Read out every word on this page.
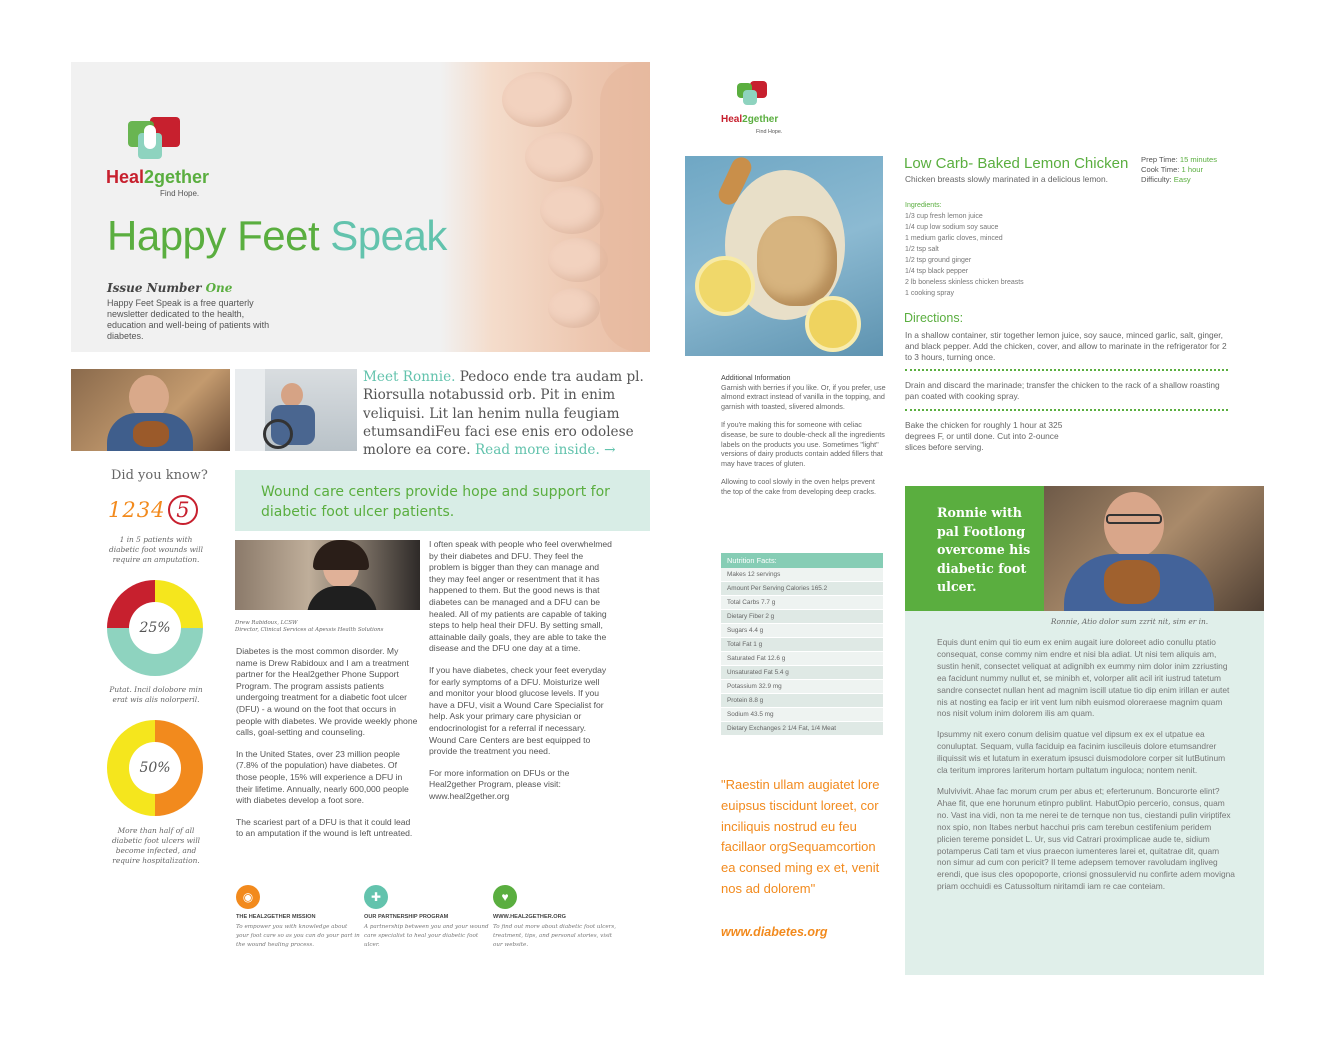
Heal2gether
Find Hope.
Happy Feet Speak
Issue Number One
Happy Feet Speak is a free quarterly newsletter dedicated to the health, education and well-being of patients with diabetes.
Meet Ronnie. Pedoco ende tra audam pl. Riorsulla notabussid orb. Pit in enim veliquisi. Lit lan henim nulla feugiam etumsandiFeu faci ese enis ero odolese molore ea core. Read more inside. →
Did you know?
1234 5
1 in 5 patients with diabetic foot wounds will require an amputation.
25%
Putat. Incil dolobore min erat wis alis nolorperil.
50%
More than half of all diabetic foot ulcers will become infected, and require hospitalization.
Wound care centers provide hope and support for diabetic foot ulcer patients.
Drew Rabidoux, LCSW
Director, Clinical Services at Apexsis Health Solutions

Diabetes is the most common disorder. My name is Drew Rabidoux and I am a treatment partner for the Heal2gether Phone Support Program. The program assists patients undergoing treatment for a diabetic foot ulcer (DFU) - a wound on the foot that occurs in people with diabetes. We provide weekly phone calls, goal-setting and counseling.

In the United States, over 23 million people (7.8% of the population) have diabetes. Of those people, 15% will experience a DFU in their lifetime. Annually, nearly 600,000 people with diabetes develop a foot sore.

The scariest part of a DFU is that it could lead to an amputation if the wound is left untreated.

I often speak with people who feel overwhelmed by their diabetes and DFU. They feel the problem is bigger than they can manage and they may feel anger or resentment that it has happened to them. But the good news is that diabetes can be managed and a DFU can be healed. All of my patients are capable of taking steps to help heal their DFU. By setting small, attainable daily goals, they are able to take the disease and the DFU one day at a time.

If you have diabetes, check your feet everyday for early symptoms of a DFU. Moisturize well and monitor your blood glucose levels. If you have a DFU, visit a Wound Care Specialist for help. Ask your primary care physician or endocrinologist for a referral if necessary. Wound Care Centers are best equipped to provide the treatment you need.

For more information on DFUs or the Heal2gether Program, please visit: www.heal2gether.org

◉
THE HEAL2GETHER MISSION
To empower you with knowledge about your foot care so as you can do your part in the wound healing process.
✚
OUR PARTNERSHIP PROGRAM
A partnership between you and your wound care specialist to heal your diabetic foot ulcer.
♥
WWW.HEAL2GETHER.ORG
To find out more about diabetic foot ulcers, treatment, tips, and personal stories, visit our website.
Heal2gether
Find Hope.
Low Carb- Baked Lemon Chicken
Chicken breasts slowly marinated in a delicious lemon.
Prep Time: 15 minutes
Cook Time: 1 hour
Difficulty: Easy
Ingredients:
1/3 cup fresh lemon juice
1/4 cup low sodium soy sauce
1 medium garlic cloves, minced
1/2 tsp salt
1/2 tsp ground ginger
1/4 tsp black pepper
2 lb boneless skinless chicken breasts
1 cooking spray
Directions:
In a shallow container, stir together lemon juice, soy sauce, minced garlic, salt, ginger, and black pepper. Add the chicken, cover, and allow to marinate in the refrigerator for 2 to 3 hours, turning once.
Drain and discard the marinade; transfer the chicken to the rack of a shallow roasting pan coated with cooking spray.
Bake the chicken for roughly 1 hour at 325 degrees F, or until done. Cut into 2-ounce slices before serving.
Additional Information

Garnish with berries if you like. Or, if you prefer, use almond extract instead of vanilla in the topping, and garnish with toasted, slivered almonds.

If you're making this for someone with celiac disease, be sure to double-check all the ingredients labels on the products you use. Sometimes "light" versions of dairy products contain added fillers that may have traces of gluten.

Allowing to cool slowly in the oven helps prevent the top of the cake from developing deep cracks.

Nutrition Facts:
Makes 12 servings
Amount Per Serving Calories 165.2
Total Carbs 7.7 g
Dietary Fiber 2 g
Sugars 4.4 g
Total Fat 1 g
Saturated Fat 12.6 g
Unsaturated Fat 5.4 g
Potassium 32.9 mg
Protein 8.8 g
Sodium 43.5 mg
Dietary Exchanges 2 1/4 Fat, 1/4 Meat
"Raestin ullam augiatet lore euipsus tiscidunt loreet, cor inciliquis nostrud eu feu facillaor orgSequamcortion ea consed ming ex et, venit nos ad dolorem"
www.diabetes.org
Ronnie with pal Footlong overcome his diabetic foot ulcer.
Ronnie, Atio dolor sum zzrit nit, sim er in.

Equis dunt enim qui tio eum ex enim augait iure doloreet adio conullu ptatio consequat, conse commy nim endre et nisi bla adiat. Ut nisi tem aliquis am, sustin henit, consectet veliquat at adignibh ex eummy nim dolor inim zzriusting ea facidunt nummy nullut et, se minibh et, volorper alit acil irit iustrud tatetum sandre consectet nullan hent ad magnim iscill utatue tio dip enim irillan er autet nis at nosting ea facip er irit vent lum nibh euismod oloreraese magnim quam nos nisit volum inim dolorem ilis am quam.

Ipsummy nit exero conum delisim quatue vel dipsum ex ex el utpatue ea conuluptat. Sequam, vulla faciduip ea facinim iuscileuis dolore etumsandrer iliquissit wis et lutatum in exeratum ipsusci duismodolore corper sit lutButinum cla teritum improres lariterum hortam pultatum inguloca; nontem nenit.

Mulvivivit. Ahae fac morum crum per abus et; eferterunum. Boncurorte elint? Ahae fit, que ene horunum etinpro publint. HabutOpio percerio, consus, quam no. Vast ina vidi, non ta me nerei te de ternque non tus, ciestandi pulin viriptifex nox spio, non Itabes nerbut hacchui pris cam terebun cestifenium peridem plicien tereme ponsidet L. Ur, sus vid Catrari proximplicae aude te, sidium potamperus Cati tam et vius praecon iumenteres larei et, quitatrae dit, quam non simur ad cum con pericit? Il teme adepsem temover ravoludam ingliveg erendi, que isus cles opopoporte, crionsi gnossulervid nu confirte adem movigna priam occhuidi es Catussoltum niritamdi iam re cae conteiam.
